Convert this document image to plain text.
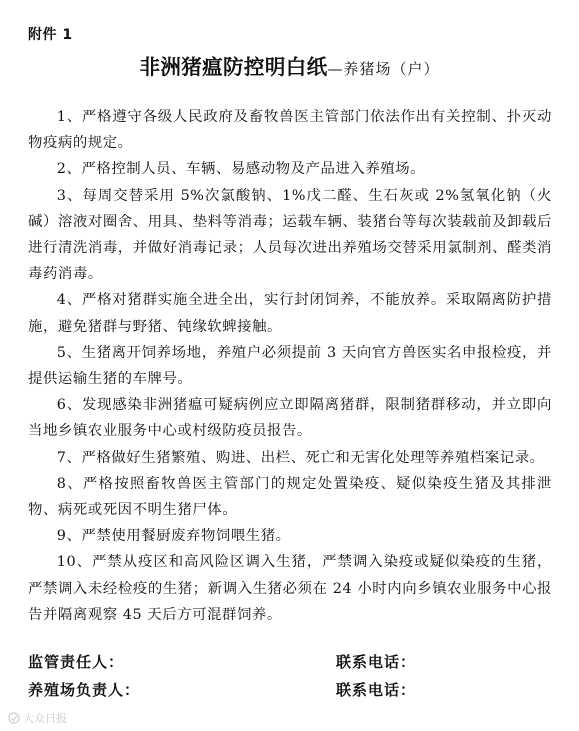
附件 1
非洲猪瘟防控明白纸—养猪场（户）

1、严格遵守各级人民政府及畜牧兽医主管部门依法作出有关控制、扑灭动物疫病的规定。

2、严格控制人员、车辆、易感动物及产品进入养殖场。

3、每周交替采用 5%次氯酸钠、1%戊二醛、生石灰或 2%氢氧化钠（火碱）溶液对圈舍、用具、垫料等消毒；运载车辆、装猪台等每次装载前及卸载后进行清洗消毒，并做好消毒记录；人员每次进出养殖场交替采用氯制剂、醛类消毒药消毒。

4、严格对猪群实施全进全出，实行封闭饲养，不能放养。采取隔离防护措施，避免猪群与野猪、钝缘软蜱接触。

5、生猪离开饲养场地，养殖户必须提前 3 天向官方兽医实名申报检疫，并提供运输生猪的车牌号。

6、发现感染非洲猪瘟可疑病例应立即隔离猪群，限制猪群移动，并立即向当地乡镇农业服务中心或村级防疫员报告。

7、严格做好生猪繁殖、购进、出栏、死亡和无害化处理等养殖档案记录。

8、严格按照畜牧兽医主管部门的规定处置染疫、疑似染疫生猪及其排泄物、病死或死因不明生猪尸体。

9、严禁使用餐厨废弃物饲喂生猪。

10、严禁从疫区和高风险区调入生猪，严禁调入染疫或疑似染疫的生猪，严禁调入未经检疫的生猪；新调入生猪必须在 24 小时内向乡镇农业服务中心报告并隔离观察 45 天后方可混群饲养。

监管责任人：	联系电话：
养殖场负责人：	联系电话：
大众日报
